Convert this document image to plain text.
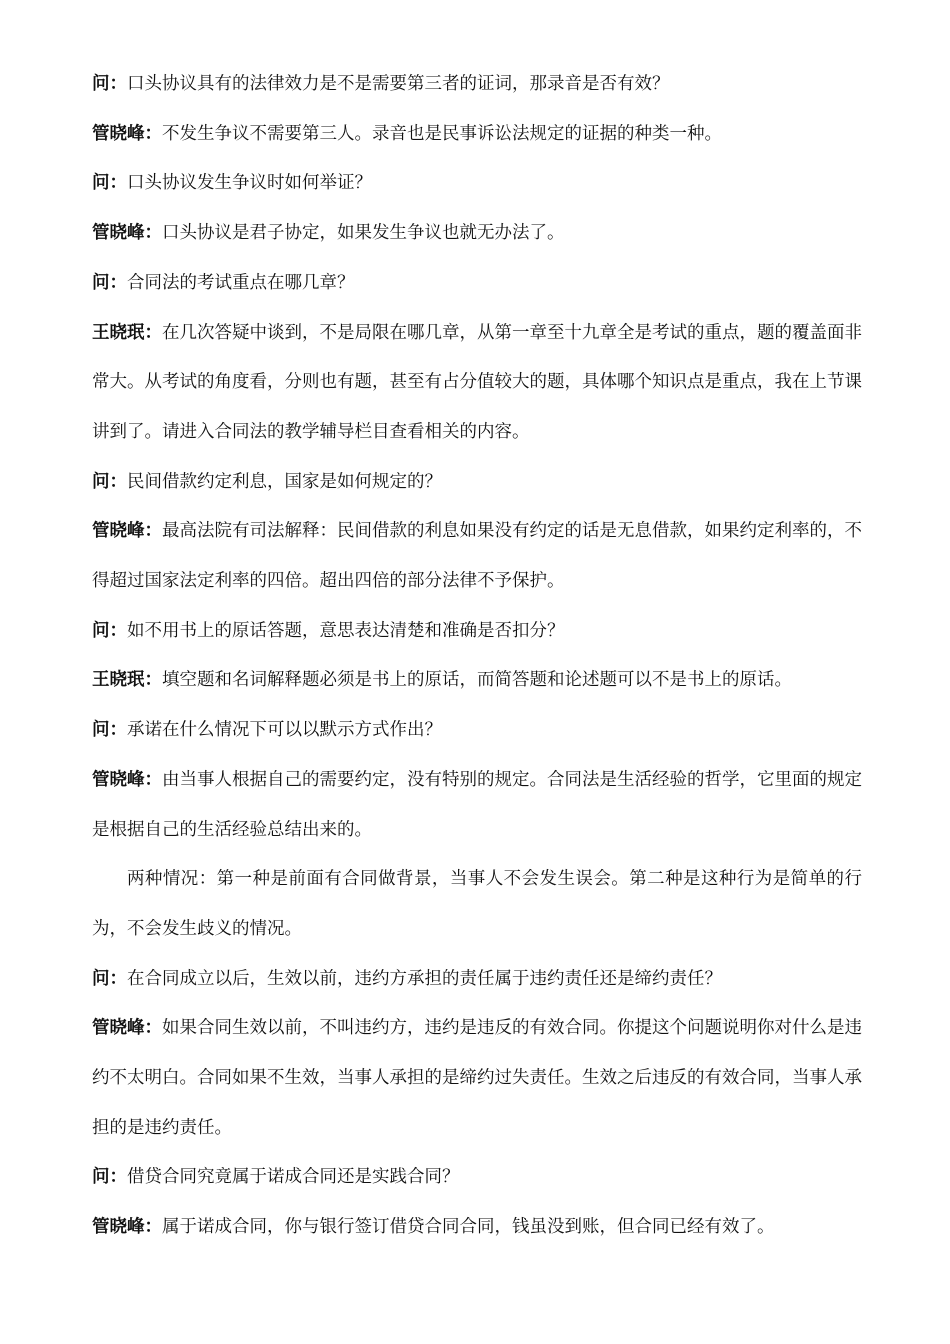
问：口头协议具有的法律效力是不是需要第三者的证词，那录音是否有效？

管晓峰：不发生争议不需要第三人。录音也是民事诉讼法规定的证据的种类一种。

问：口头协议发生争议时如何举证？

管晓峰：口头协议是君子协定，如果发生争议也就无办法了。

问：合同法的考试重点在哪几章？

王晓珉：在几次答疑中谈到，不是局限在哪几章，从第一章至十九章全是考试的重点，题的覆盖面非常大。从考试的角度看，分则也有题，甚至有占分值较大的题，具体哪个知识点是重点，我在上节课讲到了。请进入合同法的教学辅导栏目查看相关的内容。

问：民间借款约定利息，国家是如何规定的？

管晓峰：最高法院有司法解释：民间借款的利息如果没有约定的话是无息借款，如果约定利率的，不得超过国家法定利率的四倍。超出四倍的部分法律不予保护。

问：如不用书上的原话答题，意思表达清楚和准确是否扣分？

王晓珉：填空题和名词解释题必须是书上的原话，而简答题和论述题可以不是书上的原话。

问：承诺在什么情况下可以以默示方式作出？

管晓峰：由当事人根据自己的需要约定，没有特别的规定。合同法是生活经验的哲学，它里面的规定是根据自己的生活经验总结出来的。

两种情况：第一种是前面有合同做背景，当事人不会发生误会。第二种是这种行为是简单的行为，不会发生歧义的情况。

问：在合同成立以后，生效以前，违约方承担的责任属于违约责任还是缔约责任？

管晓峰：如果合同生效以前，不叫违约方，违约是违反的有效合同。你提这个问题说明你对什么是违约不太明白。合同如果不生效，当事人承担的是缔约过失责任。生效之后违反的有效合同，当事人承担的是违约责任。

问：借贷合同究竟属于诺成合同还是实践合同？

管晓峰：属于诺成合同，你与银行签订借贷合同合同，钱虽没到账，但合同已经有效了。
